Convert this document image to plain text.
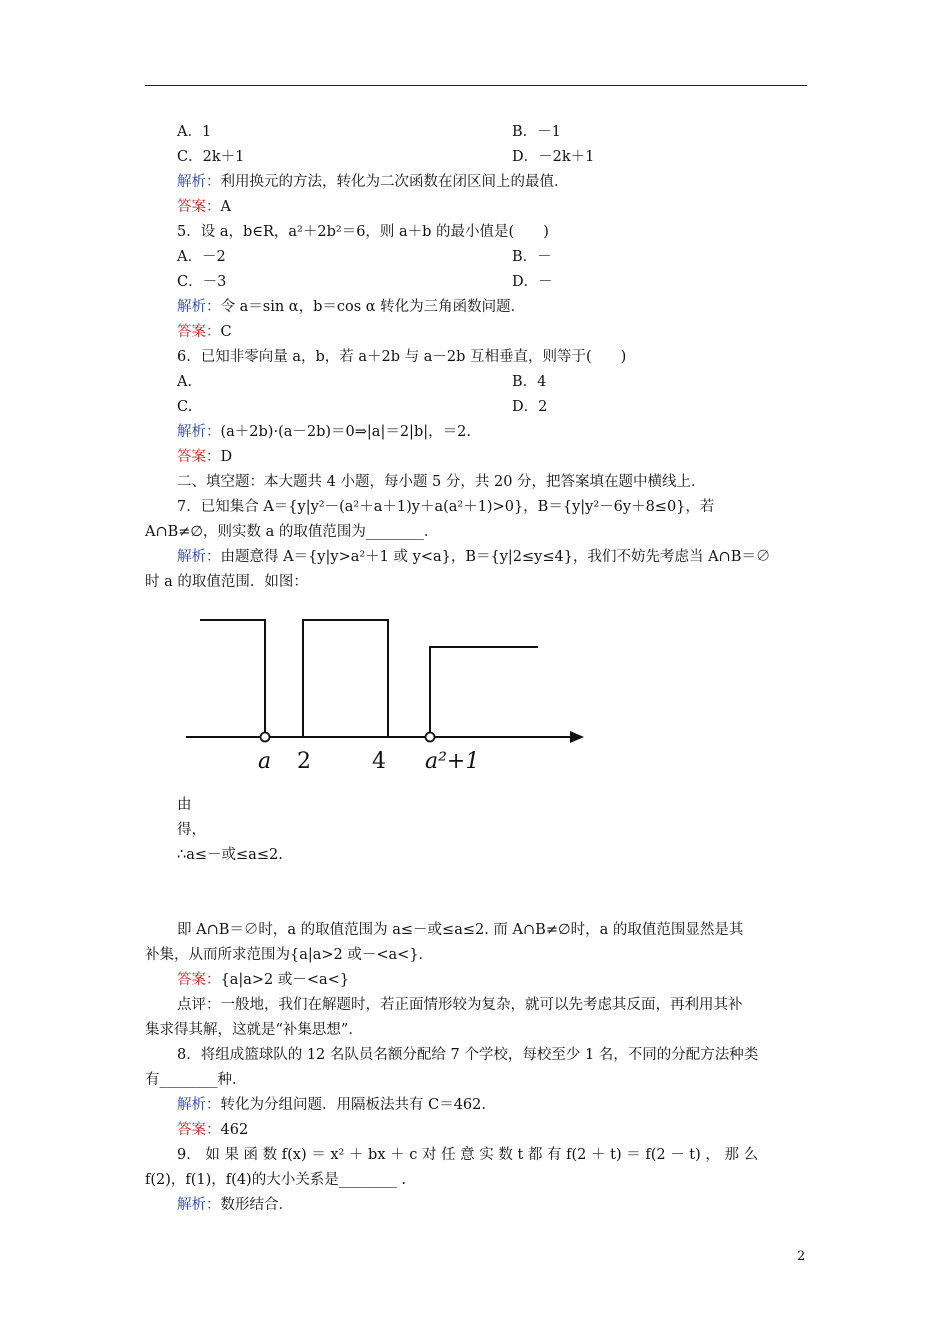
A．1	B．－1
C．2k＋1	D．－2k＋1
解析：利用换元的方法，转化为二次函数在闭区间上的最值．
答案：A
5．设 a，b∈R，a²＋2b²＝6，则 a＋b 的最小值是(　　)
A．－2	B．－
C．－3	D．－
解析：令 a＝sin α，b＝cos α 转化为三角函数问题．
答案：C
6．已知非零向量 a，b，若 a＋2b 与 a－2b 互相垂直，则等于(　　)
A.	B．4
C.	D．2
解析：(a＋2b)·(a－2b)＝0⇒|a|＝2|b|，＝2.
答案：D
二、填空题：本大题共 4 小题，每小题 5 分，共 20 分，把答案填在题中横线上．
7．已知集合 A＝{y|y²－(a²＋a＋1)y＋a(a²＋1)>0}，B＝{y|y²－6y＋8≤0}，若
A∩B≠∅，则实数 a 的取值范围为________．
解析：由题意得 A＝{y|y>a²＋1 或 y<a}，B＝{y|2≤y≤4}，我们不妨先考虑当 A∩B＝∅
时 a 的取值范围．如图：
a 2	4 a²+1
由
得，
∴a≤－或≤a≤2.
即 A∩B＝∅时，a 的取值范围为 a≤－或≤a≤2. 而 A∩B≠∅时，a 的取值范围显然是其
补集，从而所求范围为{a|a>2 或－<a<}．
答案：{a|a>2 或－<a<}
点评：一般地，我们在解题时，若正面情形较为复杂，就可以先考虑其反面，再利用其补
集求得其解，这就是“补集思想”．
8．将组成篮球队的 12 名队员名额分配给 7 个学校，每校至少 1 名，不同的分配方法种类
有________种．
解析：转化为分组问题．用隔板法共有 C＝462.
答案：462
9． 如 果 函 数 f(x) ＝ x² ＋ bx ＋ c 对 任 意 实 数 t 都 有 f(2 ＋ t) ＝ f(2 － t) ， 那 么
f(2)，f(1)，f(4)的大小关系是________ .
解析：数形结合．
2
